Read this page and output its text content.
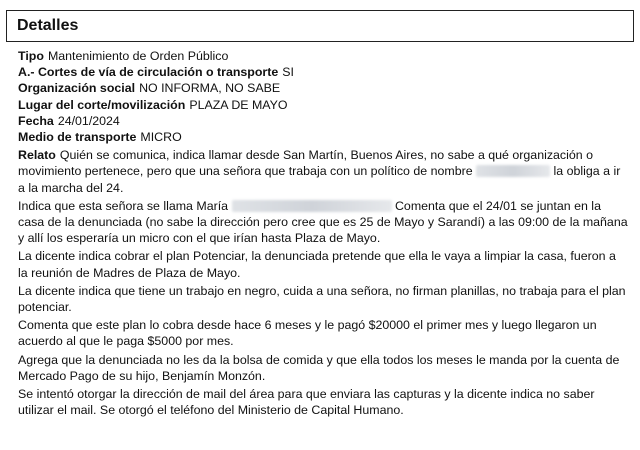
Detalles
Tipo Mantenimiento de Orden Público
A.- Cortes de vía de circulación o transporte SI
Organización social NO INFORMA, NO SABE
Lugar del corte/movilización PLAZA DE MAYO
Fecha 24/01/2024
Medio de transporte MICRO

Relato Quién se comunica, indica llamar desde San Martín, Buenos Aires, no sabe a qué organización o movimiento pertenece, pero que una señora que trabaja con un político de nombre	la obliga a ir a la marcha del 24.

Indica que esta señora se llama María	Comenta que el 24/01 se juntan en la casa de la denunciada (no sabe la dirección pero cree que es 25 de Mayo y Sarandí) a las 09:00 de la mañana y allí los esperaría un micro con el que irían hasta Plaza de Mayo.

La dicente indica cobrar el plan Potenciar, la denunciada pretende que ella le vaya a limpiar la casa, fueron a la reunión de Madres de Plaza de Mayo.

La dicente indica que tiene un trabajo en negro, cuida a una señora, no firman planillas, no trabaja para el plan potenciar.

Comenta que este plan lo cobra desde hace 6 meses y le pagó $20000 el primer mes y luego llegaron un acuerdo al que le paga $5000 por mes.

Agrega que la denunciada no les da la bolsa de comida y que ella todos los meses le manda por la cuenta de Mercado Pago de su hijo, Benjamín Monzón.

Se intentó otorgar la dirección de mail del área para que enviara las capturas y la dicente indica no saber utilizar el mail. Se otorgó el teléfono del Ministerio de Capital Humano.
